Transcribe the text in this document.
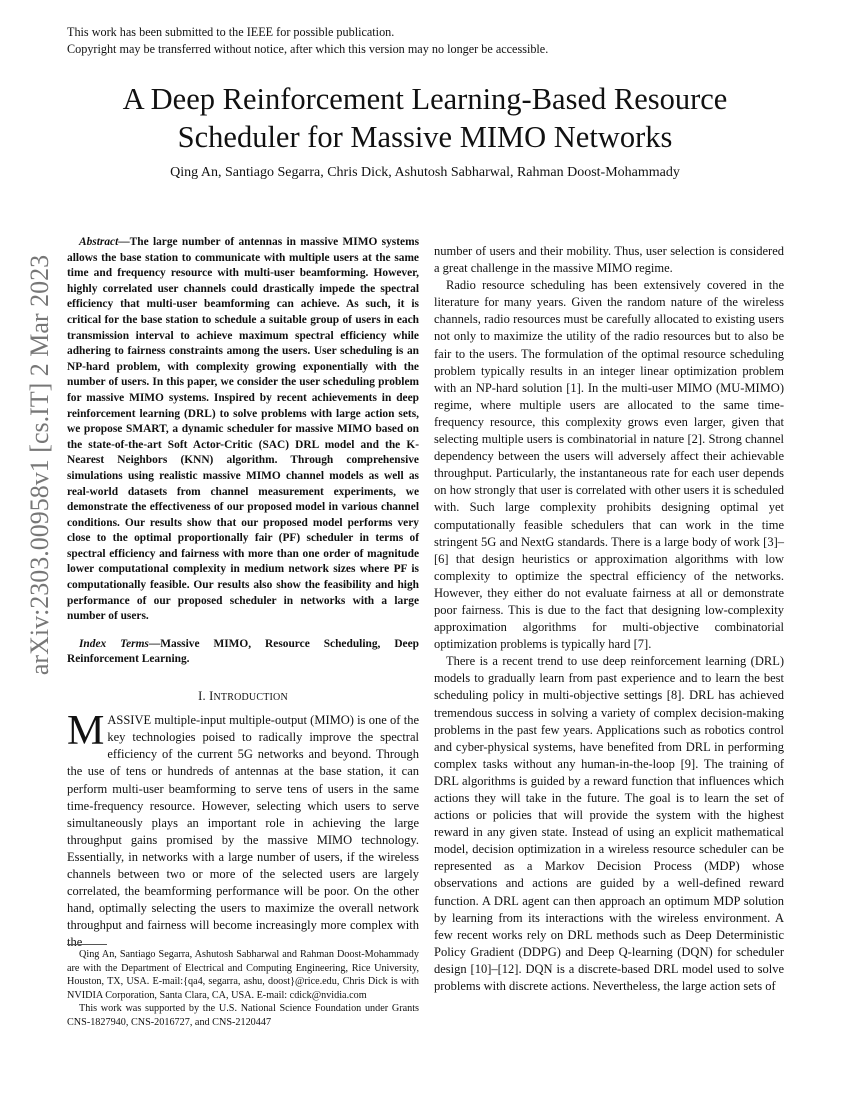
This work has been submitted to the IEEE for possible publication.
Copyright may be transferred without notice, after which this version may no longer be accessible.
A Deep Reinforcement Learning-Based Resource
Scheduler for Massive MIMO Networks
Qing An, Santiago Segarra, Chris Dick, Ashutosh Sabharwal, Rahman Doost-Mohammady
arXiv:2303.00958v1 [cs.IT] 2 Mar 2023

Abstract—The large number of antennas in massive MIMO systems allows the base station to communicate with multiple users at the same time and frequency resource with multi-user beamforming. However, highly correlated user channels could drastically impede the spectral efficiency that multi-user beamforming can achieve. As such, it is critical for the base station to schedule a suitable group of users in each transmission interval to achieve maximum spectral efficiency while adhering to fairness constraints among the users. User scheduling is an NP-hard problem, with complexity growing exponentially with the number of users. In this paper, we consider the user scheduling problem for massive MIMO systems. Inspired by recent achievements in deep reinforcement learning (DRL) to solve problems with large action sets, we propose SMART, a dynamic scheduler for massive MIMO based on the state-of-the-art Soft Actor-Critic (SAC) DRL model and the K-Nearest Neighbors (KNN) algorithm. Through comprehensive simulations using realistic massive MIMO channel models as well as real-world datasets from channel measurement experiments, we demonstrate the effectiveness of our proposed model in various channel conditions. Our results show that our proposed model performs very close to the optimal proportionally fair (PF) scheduler in terms of spectral efficiency and fairness with more than one order of magnitude lower computational complexity in medium network sizes where PF is computationally feasible. Our results also show the feasibility and high performance of our proposed scheduler in networks with a large number of users.

Index Terms—Massive MIMO, Resource Scheduling, Deep Reinforcement Learning.

I. INTRODUCTION

MASSIVE multiple-input multiple-output (MIMO) is one of the key technologies poised to radically improve the spectral efficiency of the current 5G networks and beyond. Through the use of tens or hundreds of antennas at the base station, it can perform multi-user beamforming to serve tens of users in the same time-frequency resource. However, selecting which users to serve simultaneously plays an important role in achieving the large throughput gains promised by the massive MIMO technology. Essentially, in networks with a large number of users, if the wireless channels between two or more of the selected users are largely correlated, the beamforming performance will be poor. On the other hand, optimally selecting the users to maximize the overall network throughput and fairness will become increasingly more complex with the

Qing An, Santiago Segarra, Ashutosh Sabharwal and Rahman Doost-Mohammady are with the Department of Electrical and Computing Engineering, Rice University, Houston, TX, USA. E-mail:{qa4, segarra, ashu, doost}@rice.edu, Chris Dick is with NVIDIA Corporation, Santa Clara, CA, USA. E-mail: cdick@nvidia.com

This work was supported by the U.S. National Science Foundation under Grants CNS-1827940, CNS-2016727, and CNS-2120447

number of users and their mobility. Thus, user selection is considered a great challenge in the massive MIMO regime.

Radio resource scheduling has been extensively covered in the literature for many years. Given the random nature of the wireless channels, radio resources must be carefully allocated to existing users not only to maximize the utility of the radio resources but to also be fair to the users. The formulation of the optimal resource scheduling problem typically results in an integer linear optimization problem with an NP-hard solution [1]. In the multi-user MIMO (MU-MIMO) regime, where multiple users are allocated to the same time-frequency resource, this complexity grows even larger, given that selecting multiple users is combinatorial in nature [2]. Strong channel dependency between the users will adversely affect their achievable throughput. Particularly, the instantaneous rate for each user depends on how strongly that user is correlated with other users it is scheduled with. Such large complexity prohibits designing optimal yet computationally feasible schedulers that can work in the time stringent 5G and NextG standards. There is a large body of work [3]–[6] that design heuristics or approximation algorithms with low complexity to optimize the spectral efficiency of the networks. However, they either do not evaluate fairness at all or demonstrate poor fairness. This is due to the fact that designing low-complexity approximation algorithms for multi-objective combinatorial optimization problems is typically hard [7].

There is a recent trend to use deep reinforcement learning (DRL) models to gradually learn from past experience and to learn the best scheduling policy in multi-objective settings [8]. DRL has achieved tremendous success in solving a variety of complex decision-making problems in the past few years. Applications such as robotics control and cyber-physical systems, have benefited from DRL in performing complex tasks without any human-in-the-loop [9]. The training of DRL algorithms is guided by a reward function that influences which actions they will take in the future. The goal is to learn the set of actions or policies that will provide the system with the highest reward in any given state. Instead of using an explicit mathematical model, decision optimization in a wireless resource scheduler can be represented as a Markov Decision Process (MDP) whose observations and actions are guided by a well-defined reward function. A DRL agent can then approach an optimum MDP solution by learning from its interactions with the wireless environment. A few recent works rely on DRL methods such as Deep Deterministic Policy Gradient (DDPG) and Deep Q-learning (DQN) for scheduler design [10]–[12]. DQN is a discrete-based DRL model used to solve problems with discrete actions. Nevertheless, the large action sets of
